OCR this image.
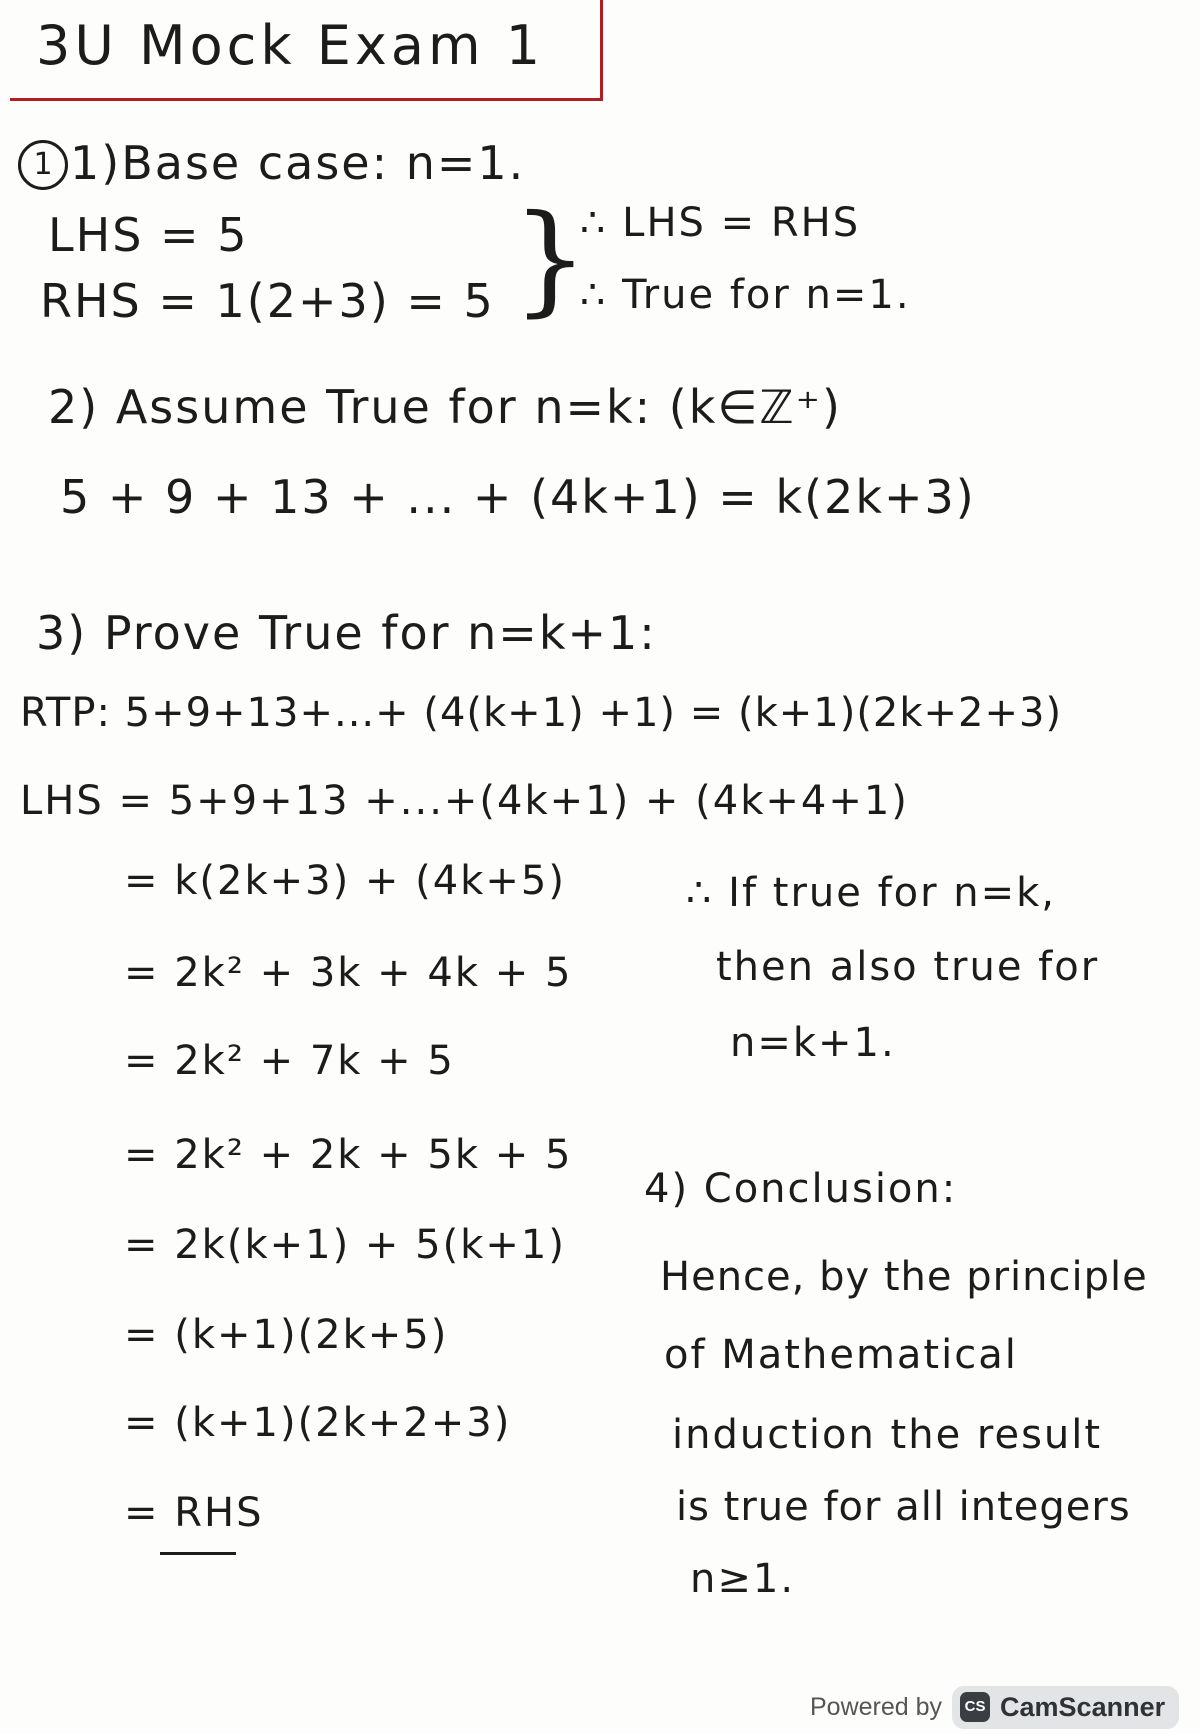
3U Mock Exam 1
1 1)Base case: n=1.
LHS = 5
RHS = 1(2+3) = 5 }
∴ LHS = RHS
∴ True for n=1.
2) Assume True for n=k: (k∈ℤ⁺)
5 + 9 + 13 + ... + (4k+1) = k(2k+3)
3) Prove True for n=k+1:
RTP: 5+9+13+...+ (4(k+1) +1) = (k+1)(2k+2+3)
LHS = 5+9+13 +...+(4k+1) + (4k+4+1)
= k(2k+3) + (4k+5)
= 2k² + 3k + 4k + 5
= 2k² + 7k + 5
= 2k² + 2k + 5k + 5
= 2k(k+1) + 5(k+1)
= (k+1)(2k+5)
= (k+1)(2k+2+3)
= RHS
∴ If true for n=k,
then also true for
n=k+1.
4) Conclusion:
Hence, by the principle
of Mathematical
induction the result
is true for all integers
n≥1.
Powered by	CS CamScanner
